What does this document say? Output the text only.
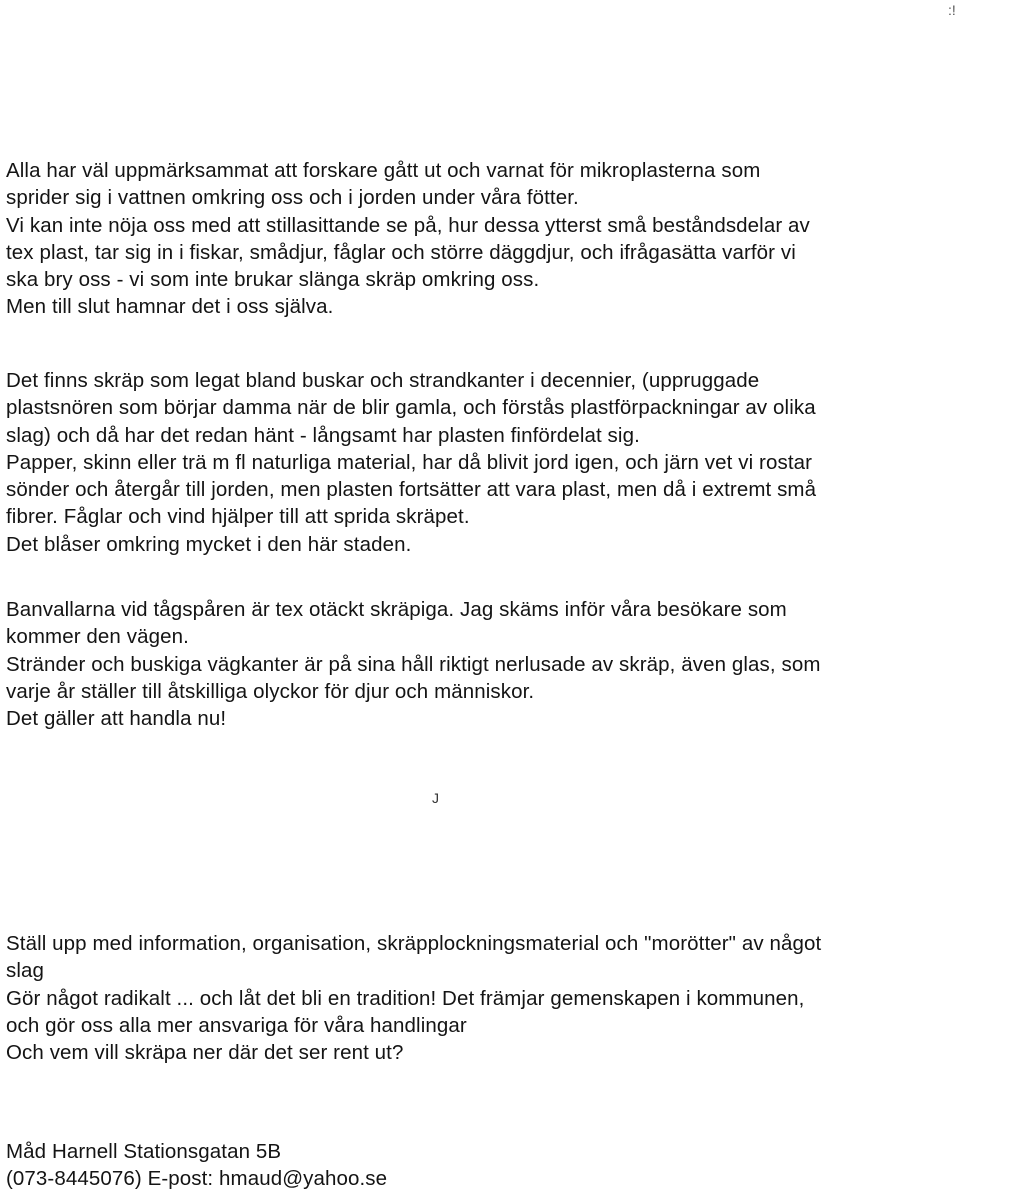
:!
Alla har väl uppmärksammat att forskare gått ut och varnat för mikroplasterna som
sprider sig i vattnen omkring oss och i jorden under våra fötter.
Vi kan inte nöja oss med att stillasittande se på, hur dessa ytterst små beståndsdelar av
tex plast, tar sig in i fiskar, smådjur, fåglar och större däggdjur, och ifrågasätta varför vi
ska bry oss - vi som inte brukar slänga skräp omkring oss.
Men till slut hamnar det i oss själva.
Det finns skräp som legat bland buskar och strandkanter i decennier, (uppruggade
plastsnören som börjar damma när de blir gamla, och förstås plastförpackningar av olika
slag) och då har det redan hänt - långsamt har plasten finfördelat sig.
Papper, skinn eller trä m fl naturliga material, har då blivit jord igen, och järn vet vi rostar
sönder och återgår till jorden, men plasten fortsätter att vara plast, men då i extremt små
fibrer. Fåglar och vind hjälper till att sprida skräpet.
Det blåser omkring mycket i den här staden.
Banvallarna vid tågspåren är tex otäckt skräpiga. Jag skäms inför våra besökare som
kommer den vägen.
Stränder och buskiga vägkanter är på sina håll riktigt nerlusade av skräp, även glas, som
varje år ställer till åtskilliga olyckor för djur och människor.
Det gäller att handla nu!
J
Ställ upp med information, organisation, skräpplockningsmaterial och "morötter" av något
slag
Gör något radikalt ... och låt det bli en tradition! Det främjar gemenskapen i kommunen,
och gör oss alla mer ansvariga för våra handlingar
Och vem vill skräpa ner där det ser rent ut?
Måd Harnell Stationsgatan 5B
(073-8445076) E-post: hmaud@yahoo.se
